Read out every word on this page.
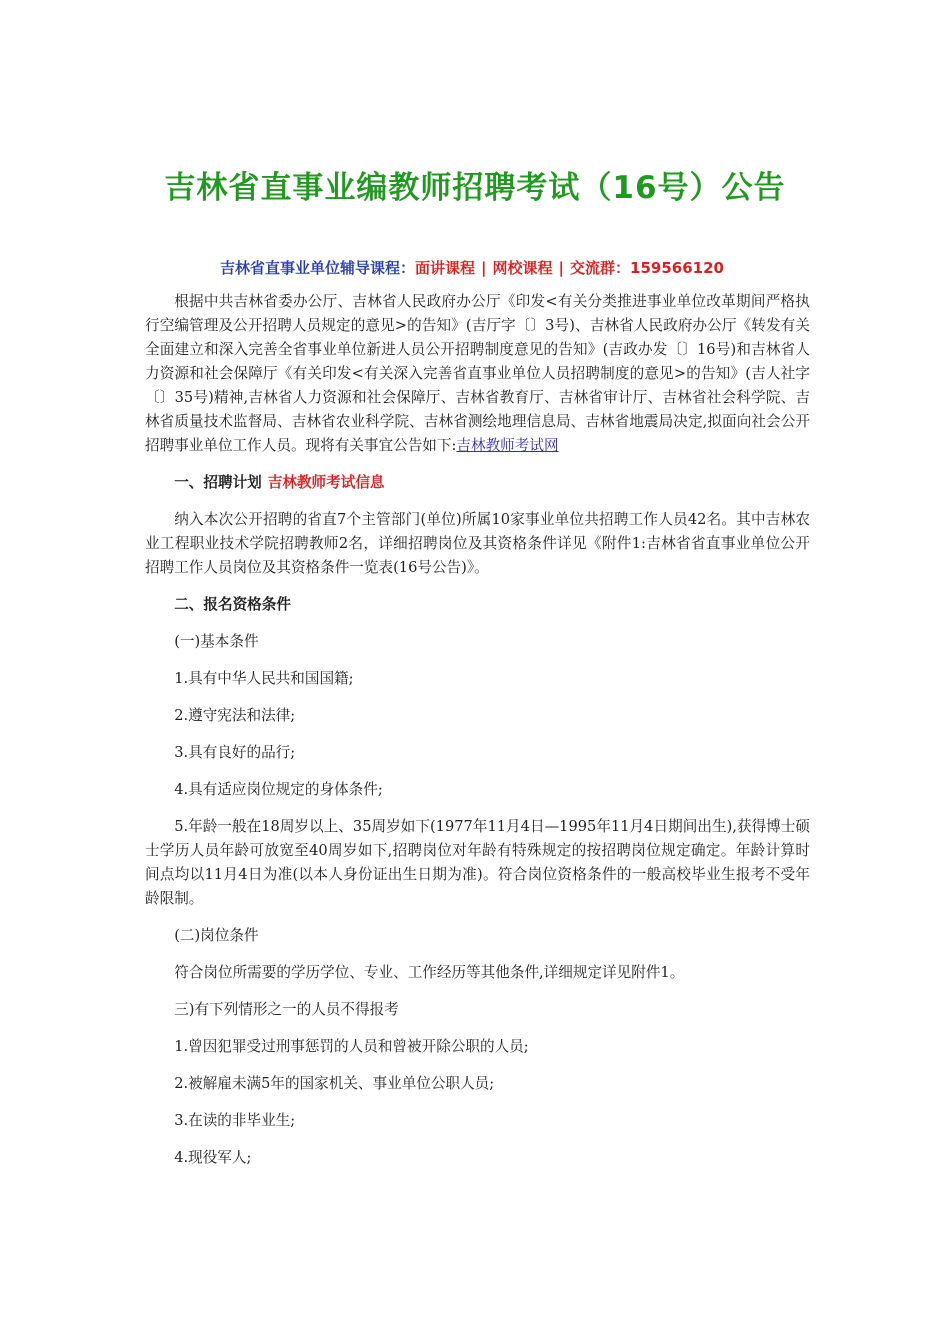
吉林省直事业编教师招聘考试（16号）公告
吉林省直事业单位辅导课程：面讲课程 | 网校课程 | 交流群：159566120

根据中共吉林省委办公厅、吉林省人民政府办公厅《印发<有关分类推进事业单位改革期间严格执行空编管理及公开招聘人员规定的意见>的告知》(吉厅字〔〕3号)、吉林省人民政府办公厅《转发有关全面建立和深入完善全省事业单位新进人员公开招聘制度意见的告知》(吉政办发〔〕16号)和吉林省人力资源和社会保障厅《有关印发<有关深入完善省直事业单位人员招聘制度的意见>的告知》(吉人社字〔〕35号)精神,吉林省人力资源和社会保障厅、吉林省教育厅、吉林省审计厅、吉林省社会科学院、吉林省质量技术监督局、吉林省农业科学院、吉林省测绘地理信息局、吉林省地震局决定,拟面向社会公开招聘事业单位工作人员。现将有关事宜公告如下:吉林教师考试网

一、招聘计划 吉林教师考试信息

纳入本次公开招聘的省直7个主管部门(单位)所属10家事业单位共招聘工作人员42名。其中吉林农业工程职业技术学院招聘教师2名，详细招聘岗位及其资格条件详见《附件1:吉林省省直事业单位公开招聘工作人员岗位及其资格条件一览表(16号公告)》。

二、报名资格条件

(一)基本条件

1.具有中华人民共和国国籍;

2.遵守宪法和法律;

3.具有良好的品行;

4.具有适应岗位规定的身体条件;

5.年龄一般在18周岁以上、35周岁如下(1977年11月4日—1995年11月4日期间出生),获得博士硕士学历人员年龄可放宽至40周岁如下,招聘岗位对年龄有特殊规定的按招聘岗位规定确定。年龄计算时间点均以11月4日为准(以本人身份证出生日期为准)。符合岗位资格条件的一般高校毕业生报考不受年龄限制。

(二)岗位条件

符合岗位所需要的学历学位、专业、工作经历等其他条件,详细规定详见附件1。

三)有下列情形之一的人员不得报考

1.曾因犯罪受过刑事惩罚的人员和曾被开除公职的人员;

2.被解雇未满5年的国家机关、事业单位公职人员;

3.在读的非毕业生;

4.现役军人;
